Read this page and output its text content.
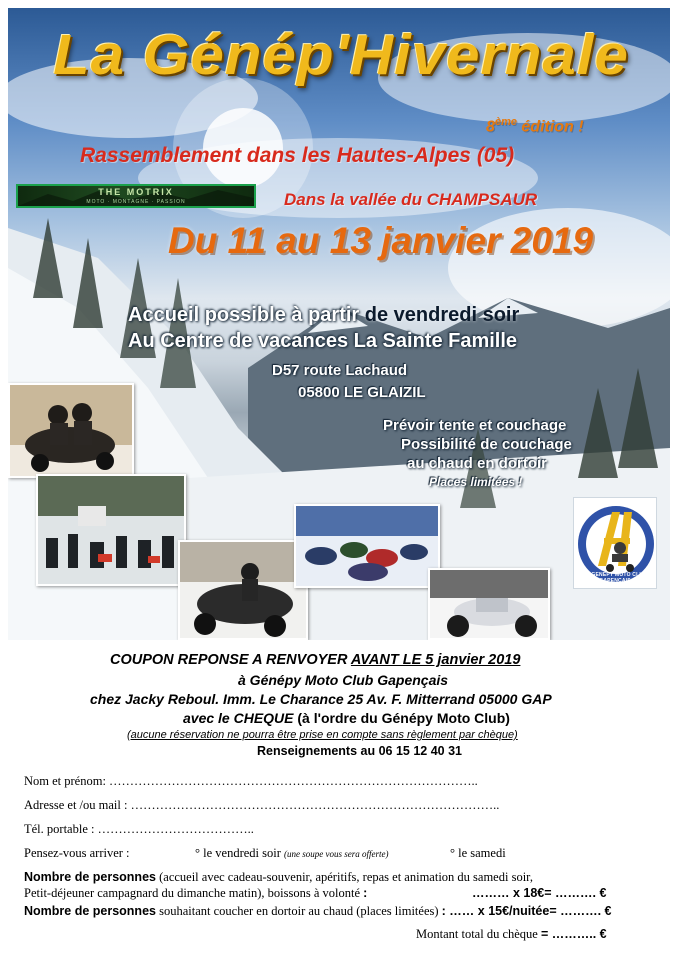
La Génép'Hivernale
8ème édition !
Rassemblement dans les Hautes-Alpes (05)
THE MOTRIX
MOTO · MONTAGNE · PASSION	Dans la vallée du CHAMPSAUR
Du 11 au 13 janvier 2019
Accueil possible à partir de vendredi soir
Au Centre de vacances La Sainte Famille
D57 route Lachaud
05800 LE GLAIZIL
Prévoir tente et couchage
Possibilité de couchage
au chaud en dortoir
Places limitées !
LE GENEPY MOTO CLUB GAPENÇAIS
COUPON REPONSE A RENVOYER AVANT LE 5 janvier 2019
à Génépy Moto Club Gapençais
chez Jacky Reboul. Imm. Le Charance 25 Av. F. Mitterrand 05000 GAP
avec le CHEQUE (à l'ordre du Génépy Moto Club)
(aucune réservation ne pourra être prise en compte sans règlement par chèque)
Renseignements au 06 15 12 40 31
Nom et prénom: ……………………………………………………………………………..
Adresse et /ou mail : ……………………………………………………………………………..
Tél. portable : ………………………………..
Pensez-vous arriver :	° le vendredi soir (une soupe vous sera offerte)	° le samedi
Nombre de personnes (accueil avec cadeau-souvenir, apéritifs, repas et animation du samedi soir,
Petit-déjeuner campagnard du dimanche matin), boissons à volonté :	……… x 18€= ………. €
Nombre de personnes souhaitant coucher en dortoir au chaud (places limitées) : …… x 15€/nuitée= ………. €
Montant total du chèque = ……….. €
